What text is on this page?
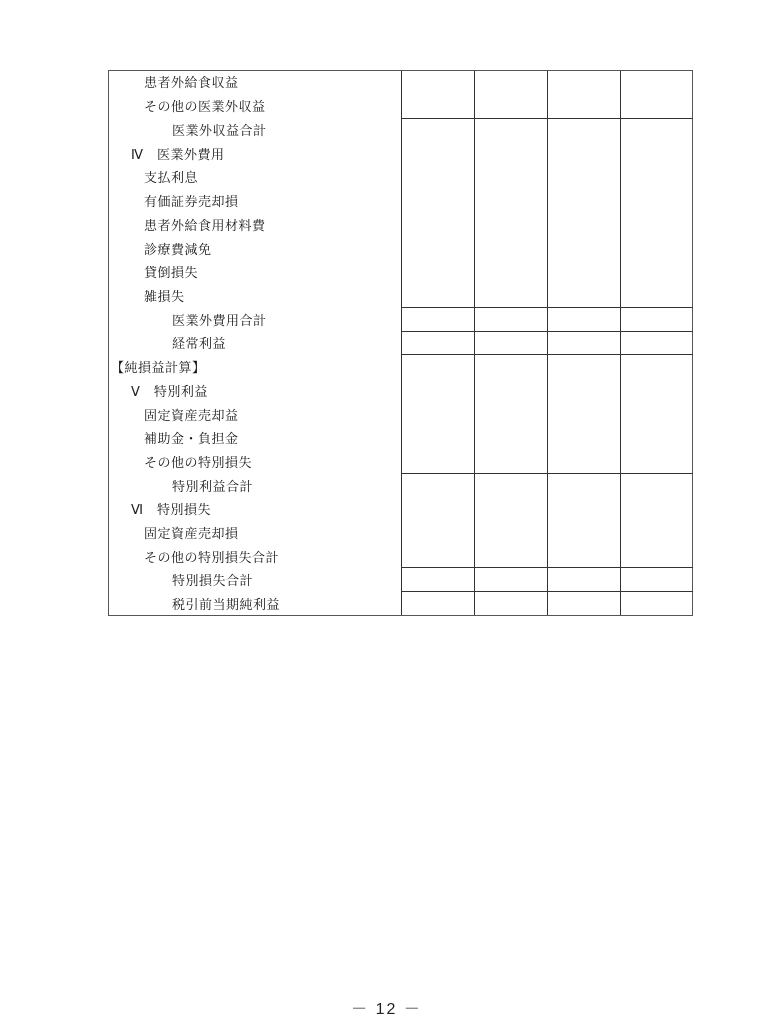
患者外給食収益
その他の医業外収益
医業外収益合計
Ⅳ　医業外費用
支払利息
有価証券売却損
患者外給食用材料費
診療費減免
貸倒損失
雑損失
医業外費用合計
経常利益
【純損益計算】
Ⅴ　特別利益
固定資産売却益
補助金・負担金
その他の特別損失
特別利益合計
Ⅵ　特別損失
固定資産売却損
その他の特別損失合計
特別損失合計
税引前当期純利益
－ 12 －
